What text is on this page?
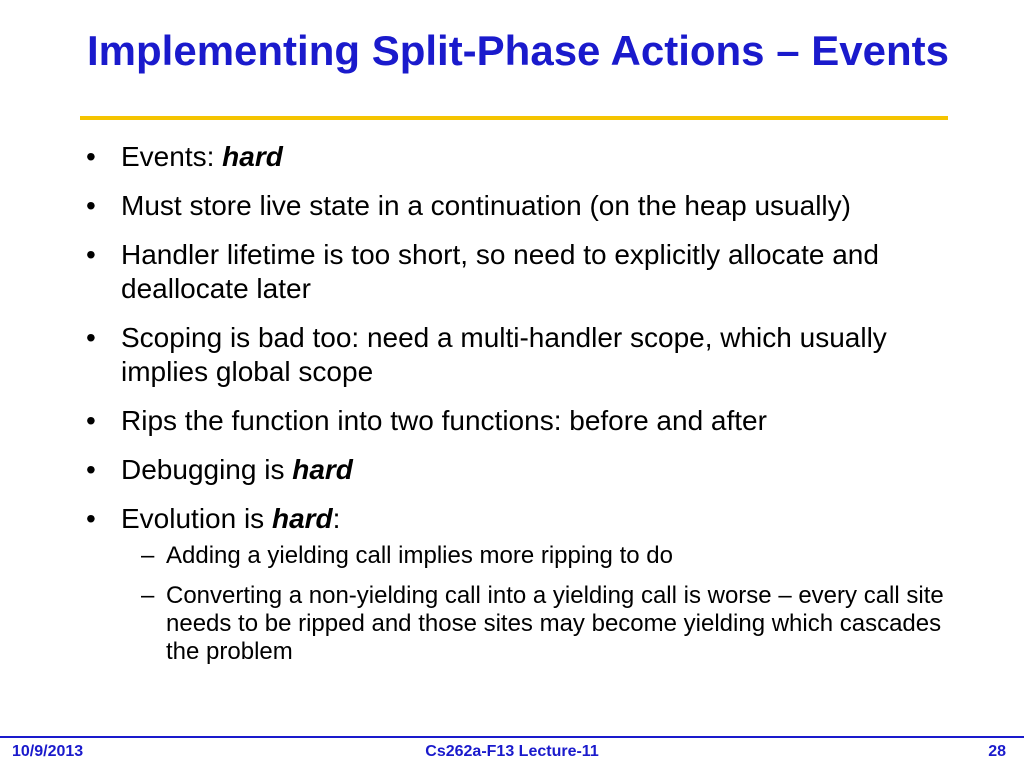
Implementing Split-Phase Actions – Events
• Events: hard
• Must store live state in a continuation (on the heap usually)
• Handler lifetime is too short, so need to explicitly allocate and deallocate later
• Scoping is bad too: need a multi-handler scope, which usually implies global scope
• Rips the function into two functions: before and after
• Debugging is hard
• Evolution is hard:
– Adding a yielding call implies more ripping to do
– Converting a non-yielding call into a yielding call is worse – every call site needs to be ripped and those sites may become yielding which cascades the problem
10/9/2013	Cs262a-F13 Lecture-11	28
